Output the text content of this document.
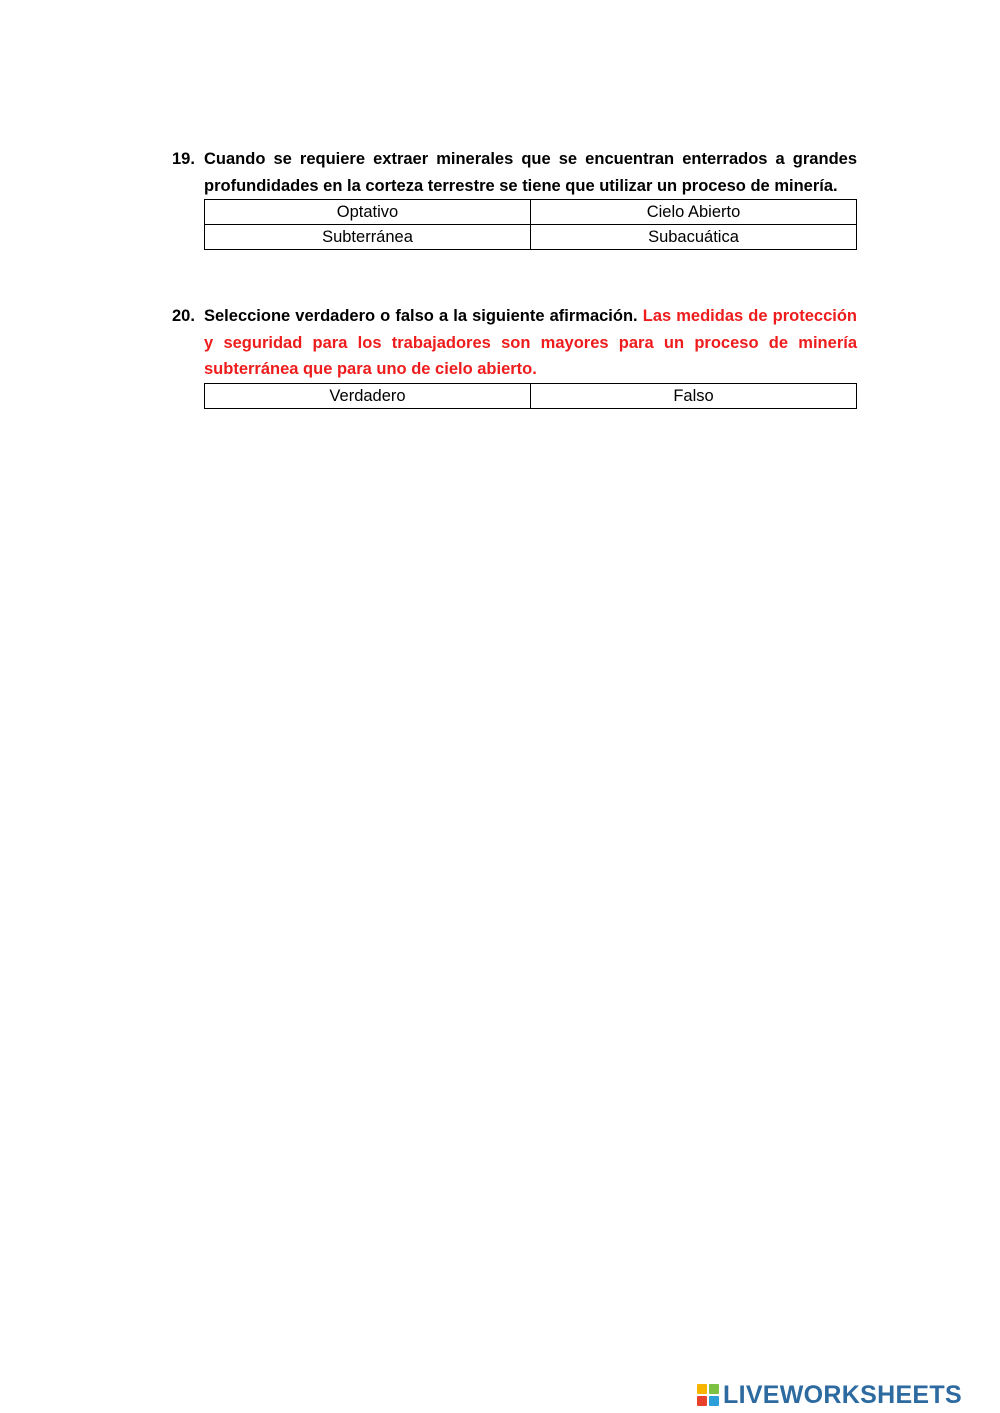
19. Cuando se requiere extraer minerales que se encuentran enterrados a grandes profundidades en la corteza terrestre se tiene que utilizar un proceso de minería.
Optativo	Cielo Abierto
Subterránea	Subacuática
20. Seleccione verdadero o falso a la siguiente afirmación. Las medidas de protección y seguridad para los trabajadores son mayores para un proceso de minería subterránea que para uno de cielo abierto.
Verdadero	Falso
LIVEWORKSHEETS
